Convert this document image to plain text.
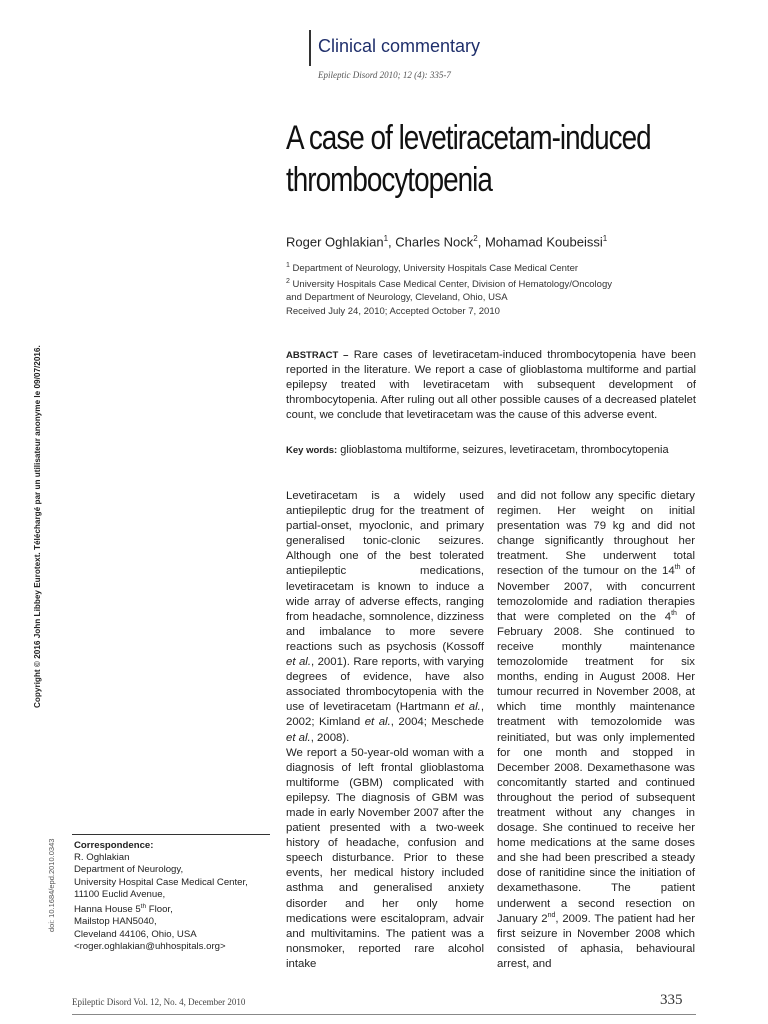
Clinical commentary
Epileptic Disord 2010; 12 (4): 335-7
A case of levetiracetam-induced
thrombocytopenia
Roger Oghlakian$^1$, Charles Nock$^2$, Mohamad Koubeissi$^1$
$^1$ Department of Neurology, University Hospitals Case Medical Center
$^2$ University Hospitals Case Medical Center, Division of Hematology/Oncology
and Department of Neurology, Cleveland, Ohio, USA
Received July 24, 2010; Accepted October 7, 2010
ABSTRACT – Rare cases of levetiracetam-induced thrombocytopenia have been reported in the literature. We report a case of glioblastoma multiforme and partial epilepsy treated with levetiracetam with subsequent development of thrombocytopenia. After ruling out all other possible causes of a decreased platelet count, we conclude that levetiracetam was the cause of this adverse event.
Key words: glioblastoma multiforme, seizures, levetiracetam, thrombocytopenia
Levetiracetam is a widely used antiepileptic drug for the treatment of partial-onset, myoclonic, and primary generalised tonic-clonic seizures. Although one of the best tolerated antiepileptic medications, levetiracetam is known to induce a wide array of adverse effects, ranging from headache, somnolence, dizziness and imbalance to more severe reactions such as psychosis (Kossoff et al., 2001). Rare reports, with varying degrees of evidence, have also associated thrombocytopenia with the use of levetiracetam (Hartmann et al., 2002; Kimland et al., 2004; Meschede et al., 2008).
We report a 50-year-old woman with a diagnosis of left frontal glioblastoma multiforme (GBM) complicated with epilepsy. The diagnosis of GBM was made in early November 2007 after the patient presented with a two-week history of headache, confusion and speech disturbance. Prior to these events, her medical history included asthma and generalised anxiety disorder and her only home medications were escitalopram, advair and multivitamins. The patient was a nonsmoker, reported rare alcohol intake
and did not follow any specific dietary regimen. Her weight on initial presentation was 79 kg and did not change significantly throughout her treatment. She underwent total resection of the tumour on the 14th of November 2007, with concurrent temozolomide and radiation therapies that were completed on the 4th of February 2008. She continued to receive monthly maintenance temozolomide treatment for six months, ending in August 2008. Her tumour recurred in November 2008, at which time monthly maintenance treatment with temozolomide was reinitiated, but was only implemented for one month and stopped in December 2008. Dexamethasone was concomitantly started and continued throughout the period of subsequent treatment without any changes in dosage. She continued to receive her home medications at the same doses and she had been prescribed a steady dose of ranitidine since the initiation of dexamethasone. The patient underwent a second resection on January 2nd, 2009. The patient had her first seizure in November 2008 which consisted of aphasia, behavioural arrest, and
Correspondence:
R. Oghlakian
Department of Neurology,
University Hospital Case Medical Center,
11100 Euclid Avenue,
Hanna House 5th Floor,
Mailstop HAN5040,
Cleveland 44106, Ohio, USA
<roger.oghlakian@uhhospitals.org>
Copyright © 2016 John Libbey Eurotext. Téléchargé par un utilisateur anonyme le 09/07/2016.
doi: 10.1684/epd.2010.0343
Epileptic Disord Vol. 12, No. 4, December 2010	335
